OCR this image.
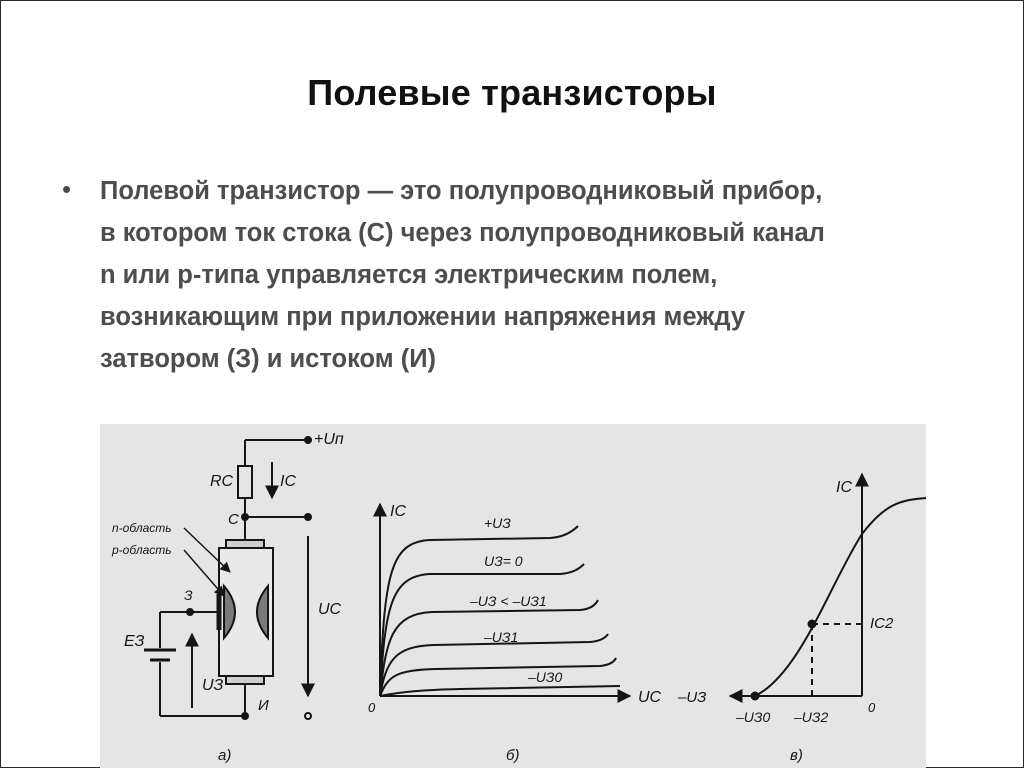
Полевые транзисторы
• Полевой транзистор — это полупроводниковый прибор,
в котором ток стока (С) через полупроводниковый канал
n или p-типа управляется электрическим полем,
возникающим при приложении напряжения между
затвором (З) и истоком (И)
+Uп
RC	IC
С
n-область
p-область
З
EЗ
UЗ
И
UC
а)
IC
UC
0
+UЗ
UЗ= 0
–UЗ < –UЗ1
–UЗ1
–UЗ0
б)
IC
–UЗ
0
IC2
–UЗ0 –UЗ2
в)
